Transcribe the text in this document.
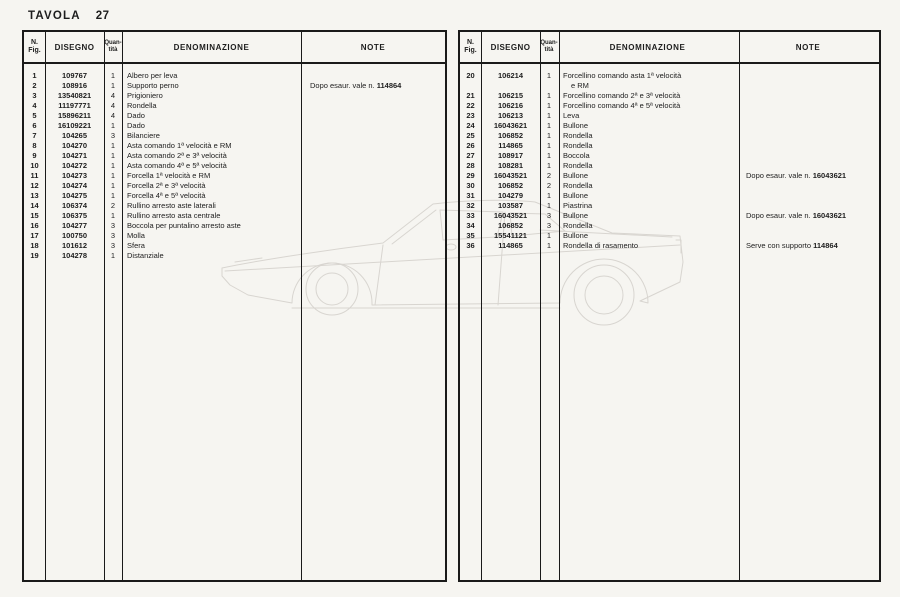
TAVOLA 27
N.
Fig.	DISEGNO	Quan-
tità	DENOMINAZIONE	NOTE
1	109767	1	Albero per leva
2	108916	1	Supporto perno	Dopo esaur. vale n. 114864
3	13540821	4	Prigioniero
4	11197771	4	Rondella
5	15896211	4	Dado
6	16109221	1	Dado
7	104265	3	Bilanciere
8	104270	1	Asta comando 1ª velocità e RM
9	104271	1	Asta comando 2ª e 3ª velocità
10	104272	1	Asta comando 4ª e 5ª velocità
11	104273	1	Forcella 1ª velocità e RM
12	104274	1	Forcella 2ª e 3ª velocità
13	104275	1	Forcella 4ª e 5ª velocità
14	106374	2	Rullino arresto aste laterali
15	106375	1	Rullino arresto asta centrale
16	104277	3	Boccola per puntalino arresto aste
17	100750	3	Molla
18	101612	3	Sfera
19	104278	1	Distanziale
N.
Fig.	DISEGNO	Quan-
tità	DENOMINAZIONE	NOTE
20	106214	1	Forcellino comando asta 1ª velocità
e RM
21	106215	1	Forcellino comando 2ª e 3ª velocità
22	106216	1	Forcellino comando 4ª e 5ª velocità
23	106213	1	Leva
24	16043621	1	Bullone
25	106852	1	Rondella
26	114865	1	Rondella
27	108917	1	Boccola
28	108281	1	Rondella
29	16043521	2	Bullone	Dopo esaur. vale n. 16043621
30	106852	2	Rondella
31	104279	1	Bullone
32	103587	1	Piastrina
33	16043521	3	Bullone	Dopo esaur. vale n. 16043621
34	106852	3	Rondella
35	15541121	1	Bullone
36	114865	1	Rondella di rasamento	Serve con supporto 114864
